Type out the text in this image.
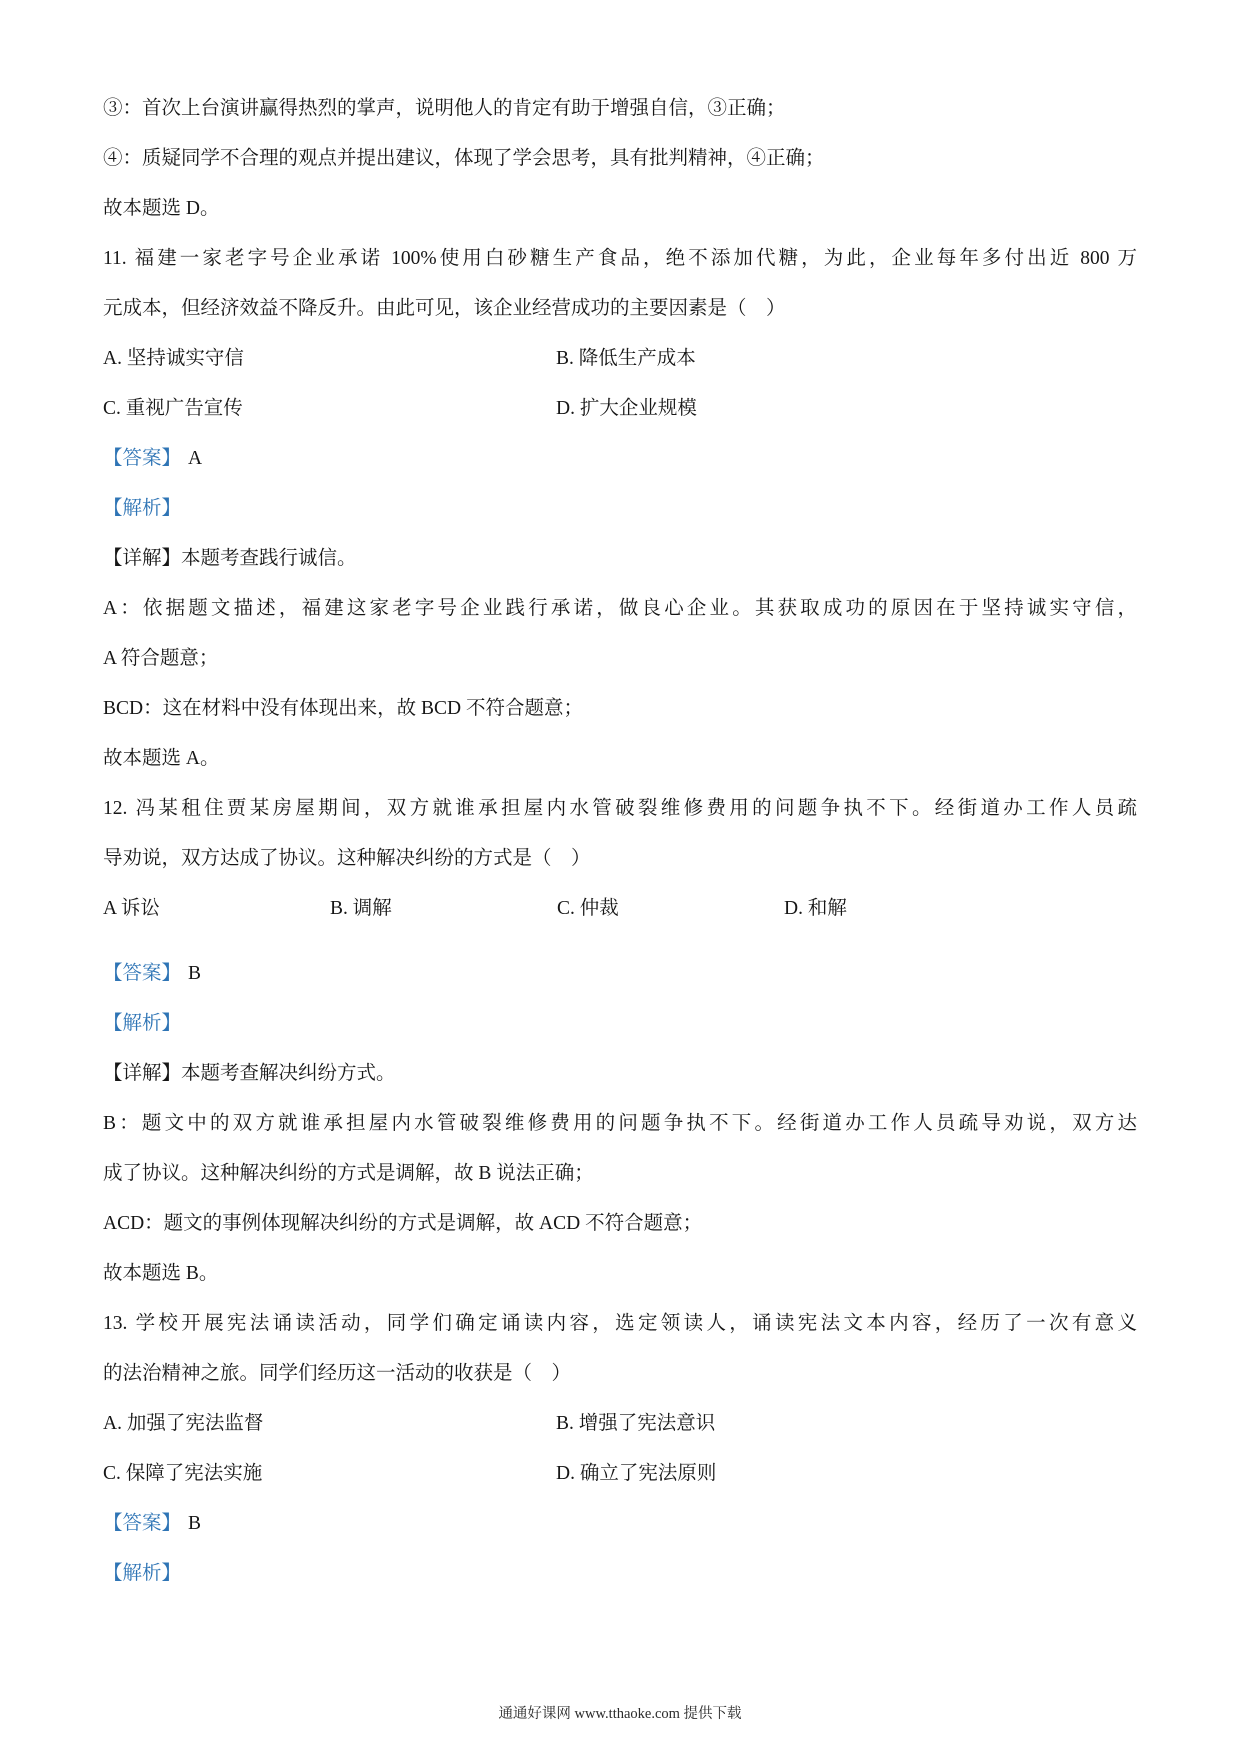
③：首次上台演讲赢得热烈的掌声，说明他人的肯定有助于增强自信，③正确；
④：质疑同学不合理的观点并提出建议，体现了学会思考，具有批判精神，④正确；
故本题选 D。
11. 福建一家老字号企业承诺 100%使用白砂糖生产食品，绝不添加代糖，为此，企业每年多付出近 800 万
元成本，但经济效益不降反升。由此可见，该企业经营成功的主要因素是（　）
A. 坚持诚实守信	B. 降低生产成本
C. 重视广告宣传	D. 扩大企业规模
【答案】 A
【解析】
【详解】本题考查践行诚信。
A：依据题文描述，福建这家老字号企业践行承诺，做良心企业。其获取成功的原因在于坚持诚实守信，
A 符合题意；
BCD：这在材料中没有体现出来，故 BCD 不符合题意；
故本题选 A。
12. 冯某租住贾某房屋期间，双方就谁承担屋内水管破裂维修费用的问题争执不下。经街道办工作人员疏
导劝说，双方达成了协议。这种解决纠纷的方式是（　）
A 诉讼	B. 调解	C. 仲裁	D. 和解
【答案】 B
【解析】
【详解】本题考查解决纠纷方式。
B：题文中的双方就谁承担屋内水管破裂维修费用的问题争执不下。经街道办工作人员疏导劝说，双方达
成了协议。这种解决纠纷的方式是调解，故 B 说法正确；
ACD：题文的事例体现解决纠纷的方式是调解，故 ACD 不符合题意；
故本题选 B。
13. 学校开展宪法诵读活动，同学们确定诵读内容，选定领读人，诵读宪法文本内容，经历了一次有意义
的法治精神之旅。同学们经历这一活动的收获是（　）
A. 加强了宪法监督	B. 增强了宪法意识
C. 保障了宪法实施	D. 确立了宪法原则
【答案】 B
【解析】
通通好课网 www.tthaoke.com 提供下载
